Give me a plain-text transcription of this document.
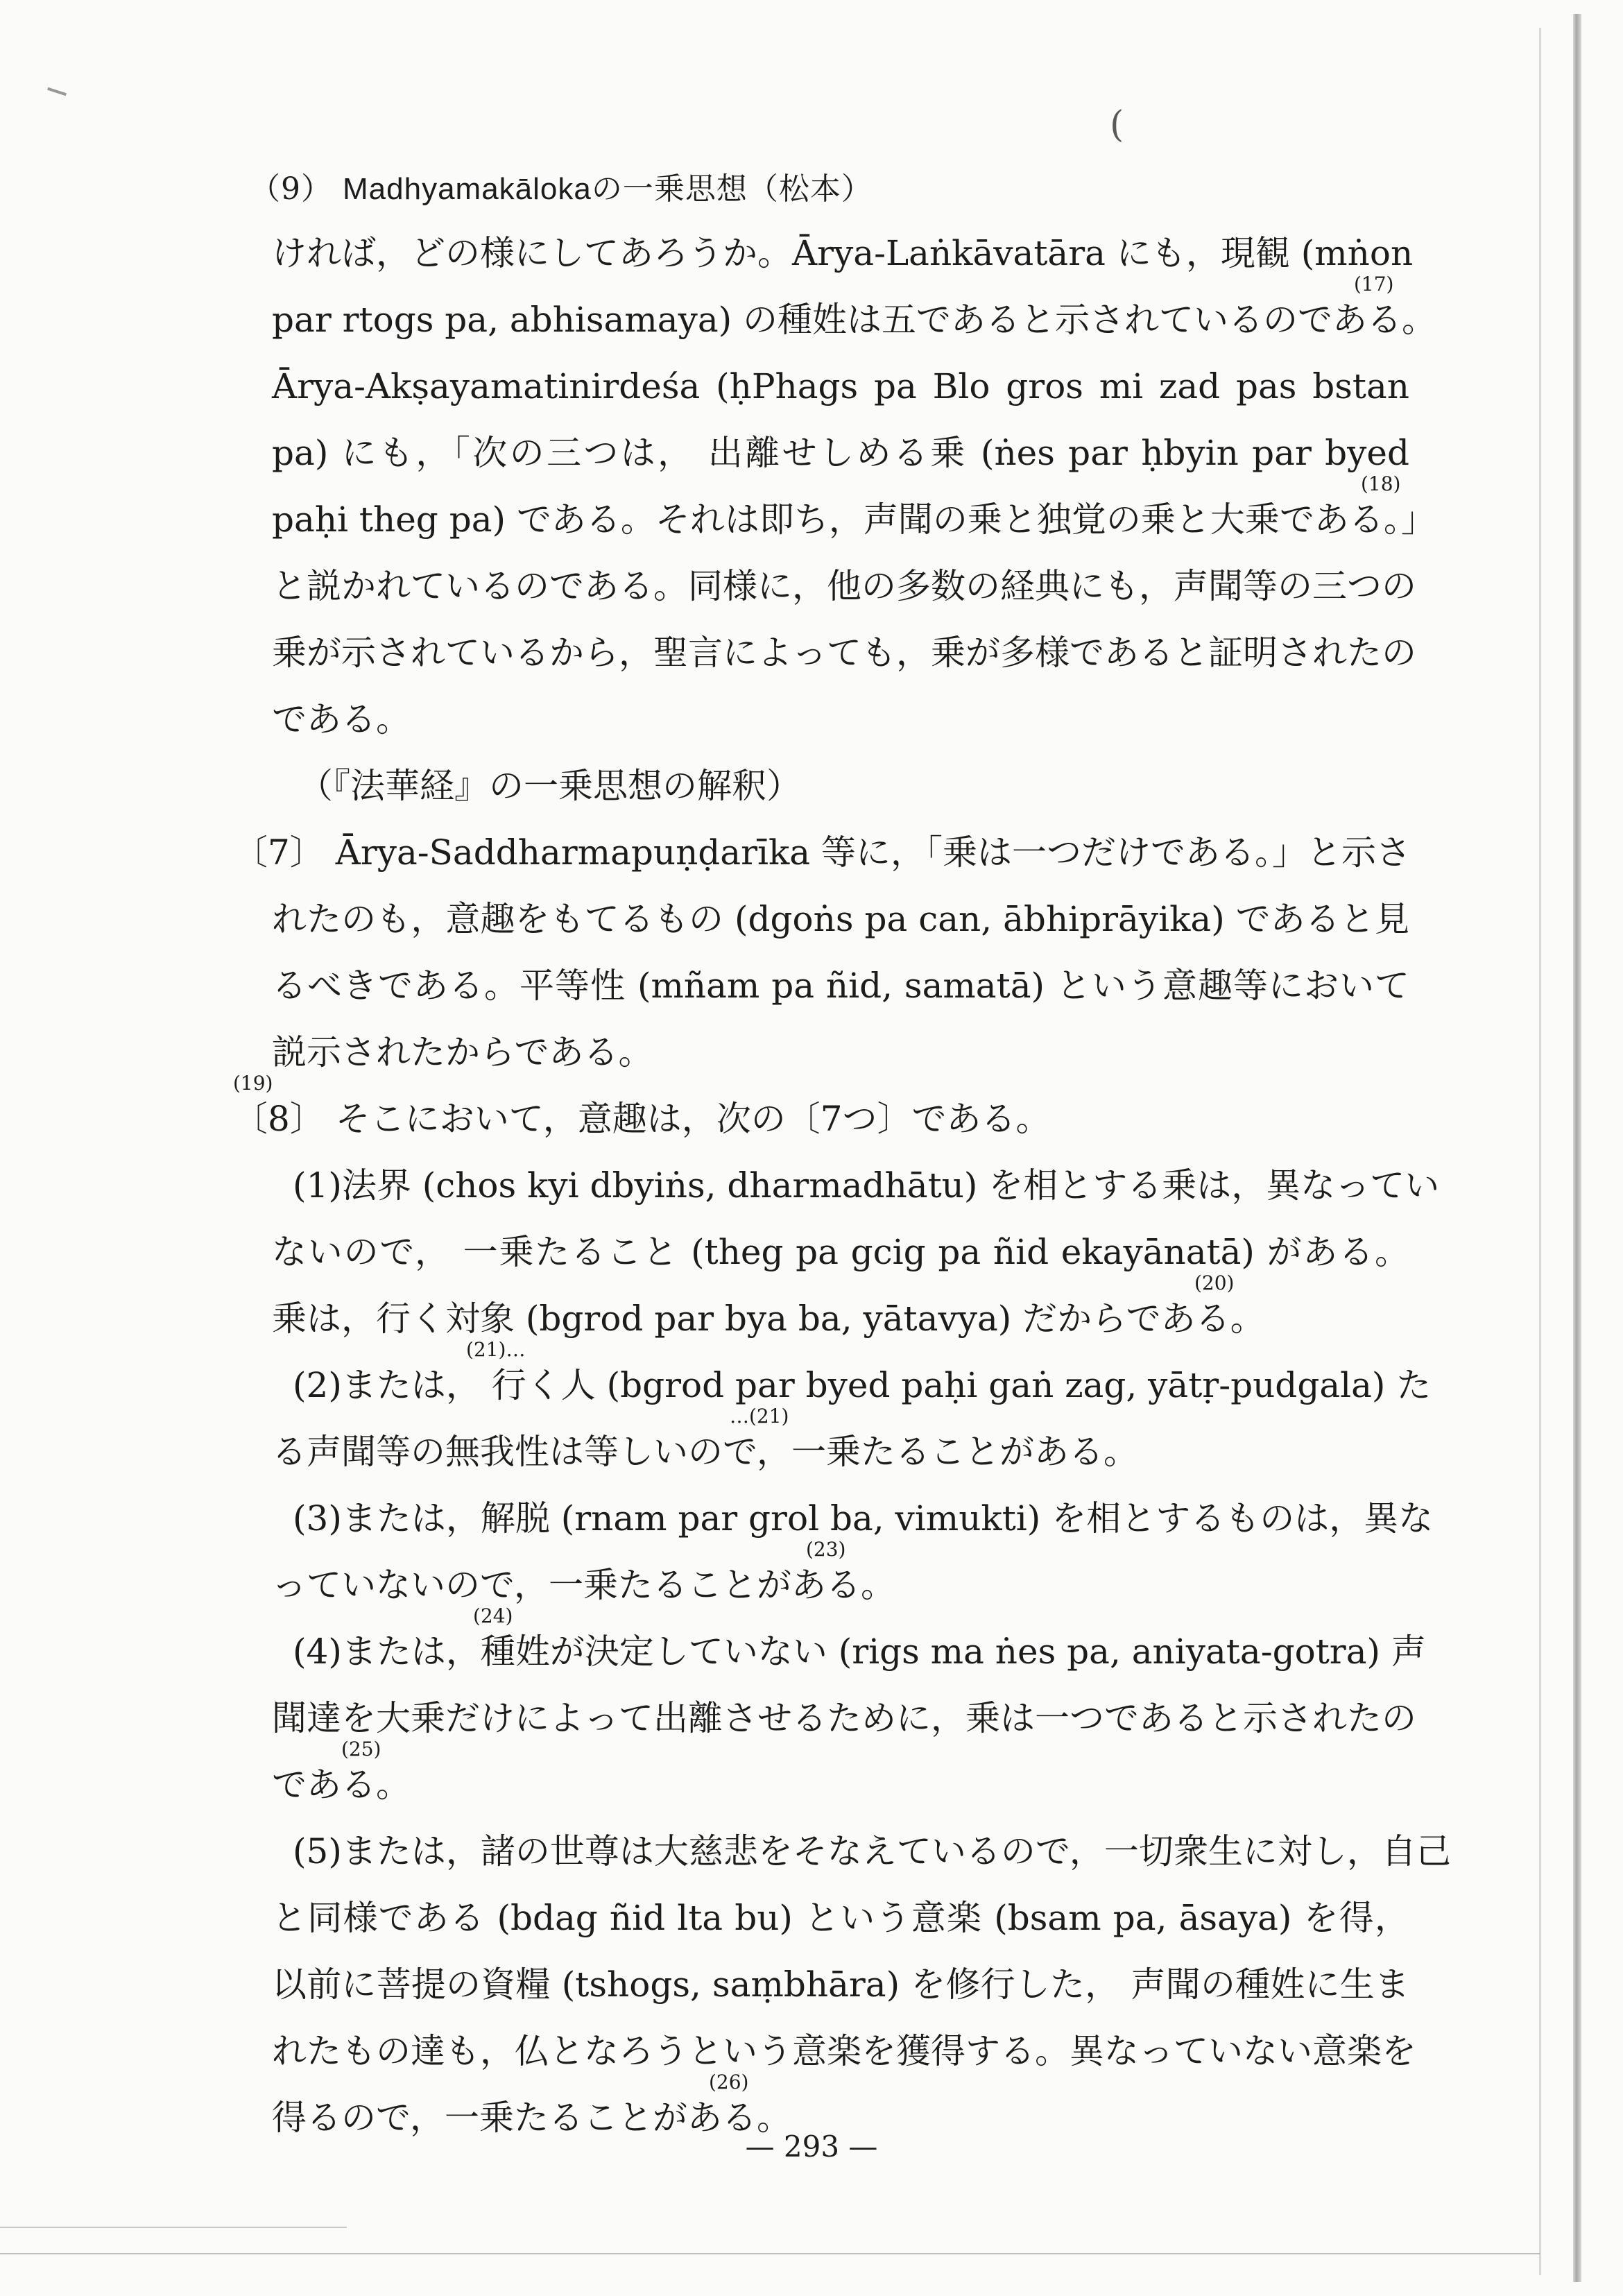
(
（9） Madhyamakālokaの一乗思想（松本）
ければ，どの様にしてあろうか。Ārya-Laṅkāvatāra にも，現観 (mṅon
par rtogs pa, abhisamaya) の種姓は五であると示されているのである。
(17)
Ārya-Akṣayamatinirdeśa (ḥPhags pa Blo gros mi zad pas bstan
pa) にも，「次の三つは， 出離せしめる乗 (ṅes par ḥbyin par byed
paḥi theg pa) である。それは即ち，声聞の乗と独覚の乗と大乗である。」
(18)
と説かれているのである。同様に，他の多数の経典にも，声聞等の三つの
乗が示されているから，聖言によっても，乗が多様であると証明されたの
である。
（『法華経』の一乗思想の解釈）
〔7〕 Ārya-Saddharmapuṇḍarīka 等に，「乗は一つだけである。」と示さ
れたのも，意趣をもてるもの (dgoṅs pa can, ābhiprāyika) であると見
るべきである。平等性 (mñam pa ñid, samatā) という意趣等において
説示されたからである。
〔8〕 そこにおいて，意趣は，次の〔7つ〕である。
(19)
(1)法界 (chos kyi dbyiṅs, dharmadhātu) を相とする乗は，異なってい
ないので， 一乗たること (theg pa gcig pa ñid ekayānatā) がある。
乗は，行く対象 (bgrod par bya ba, yātavya) だからである。
(20)
(2)または， 行く人 (bgrod par byed paḥi gaṅ zag, yātṛ-pudgala) た
(21)…
る声聞等の無我性は等しいので，一乗たることがある。
…(21)
(3)または，解脱 (rnam par grol ba, vimukti) を相とするものは，異な
っていないので，一乗たることがある。
(23)
(4)または，種姓が決定していない (rigs ma ṅes pa, aniyata-gotra) 声
(24)
聞達を大乗だけによって出離させるために，乗は一つであると示されたの
である。
(25)
(5)または，諸の世尊は大慈悲をそなえているので，一切衆生に対し，自己
と同様である (bdag ñid lta bu) という意楽 (bsam pa, āsaya) を得，
以前に菩提の資糧 (tshogs, saṃbhāra) を修行した， 声聞の種姓に生ま
れたもの達も，仏となろうという意楽を獲得する。異なっていない意楽を
得るので，一乗たることがある。
(26)
— 293 —
